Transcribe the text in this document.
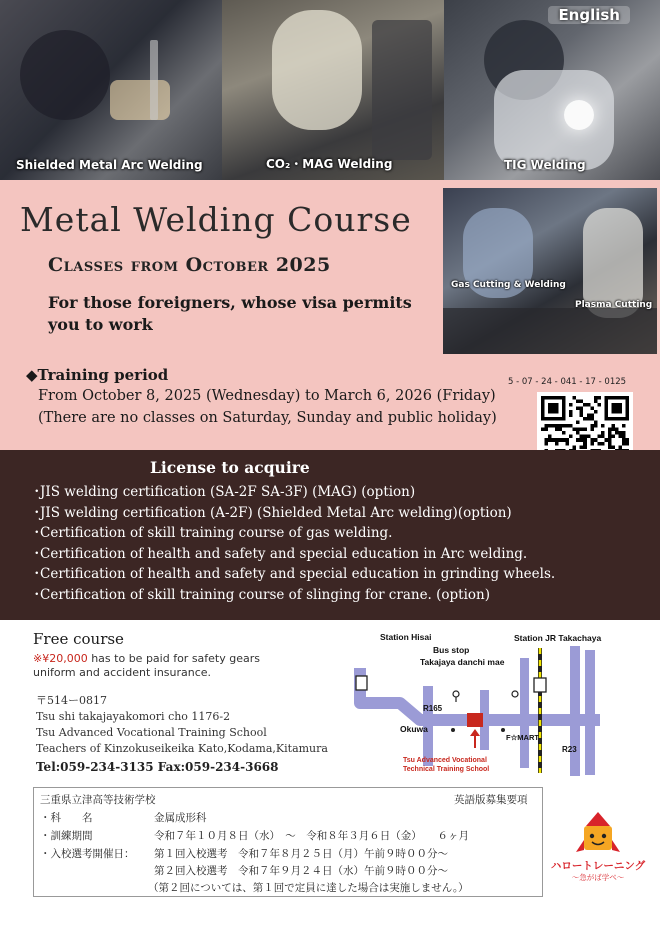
Shielded Metal Arc Welding	CO₂・MAG Welding
English
TIG Welding
Metal Welding Course
Classes from October 2025
For those foreigners, whose visa permits you to work
Gas Cutting & Welding
Plasma Cutting
◆Training period
From October 8, 2025 (Wednesday) to March 6, 2026 (Friday)
(There are no classes on Saturday, Sunday and public holiday)
5 - 07 - 24 - 041 - 17 - 0125
License to acquire
・JIS welding certification (SA-2F SA-3F) (MAG) (option)
・JIS welding certification (A-2F) (Shielded Metal Arc welding)(option)
・Certification of skill training course of gas welding.
・Certification of health and safety and special education in Arc welding.
・Certification of health and safety and special education in grinding wheels.
・Certification of skill training course of slinging for crane. (option)
Free course
※¥20,000 has to be paid for safety gears
uniform and accident insurance.
〒514ー0817
Tsu shi takajayakomori cho 1176-2
Tsu Advanced Vocational Training School
Teachers of Kinzokuseikeika Kato,Kodama,Kitamura
Tel:059-234-3135 Fax:059-234-3668
Station Hisai
Bus stop
Takajaya danchi mae
Station JR Takachaya
R165
Okuwa
F☆MART
R23
Tsu Advanced Vocational
Technical Training School
三重県立津高等技術学校	英語版募集要項
・科　　名	金属成形科
・訓練期間	令和７年１０月８日（水）　～　令和８年３月６日（金）　　６ヶ月
・入校選考開催日： 第１回入校選考　令和７年８月２５日（月）午前９時００分～
第２回入校選考　令和７年９月２４日（水）午前９時００分～
（第２回については、第１回で定員に達した場合は実施しません。）
ハロートレーニング
〜急がば学べ〜
